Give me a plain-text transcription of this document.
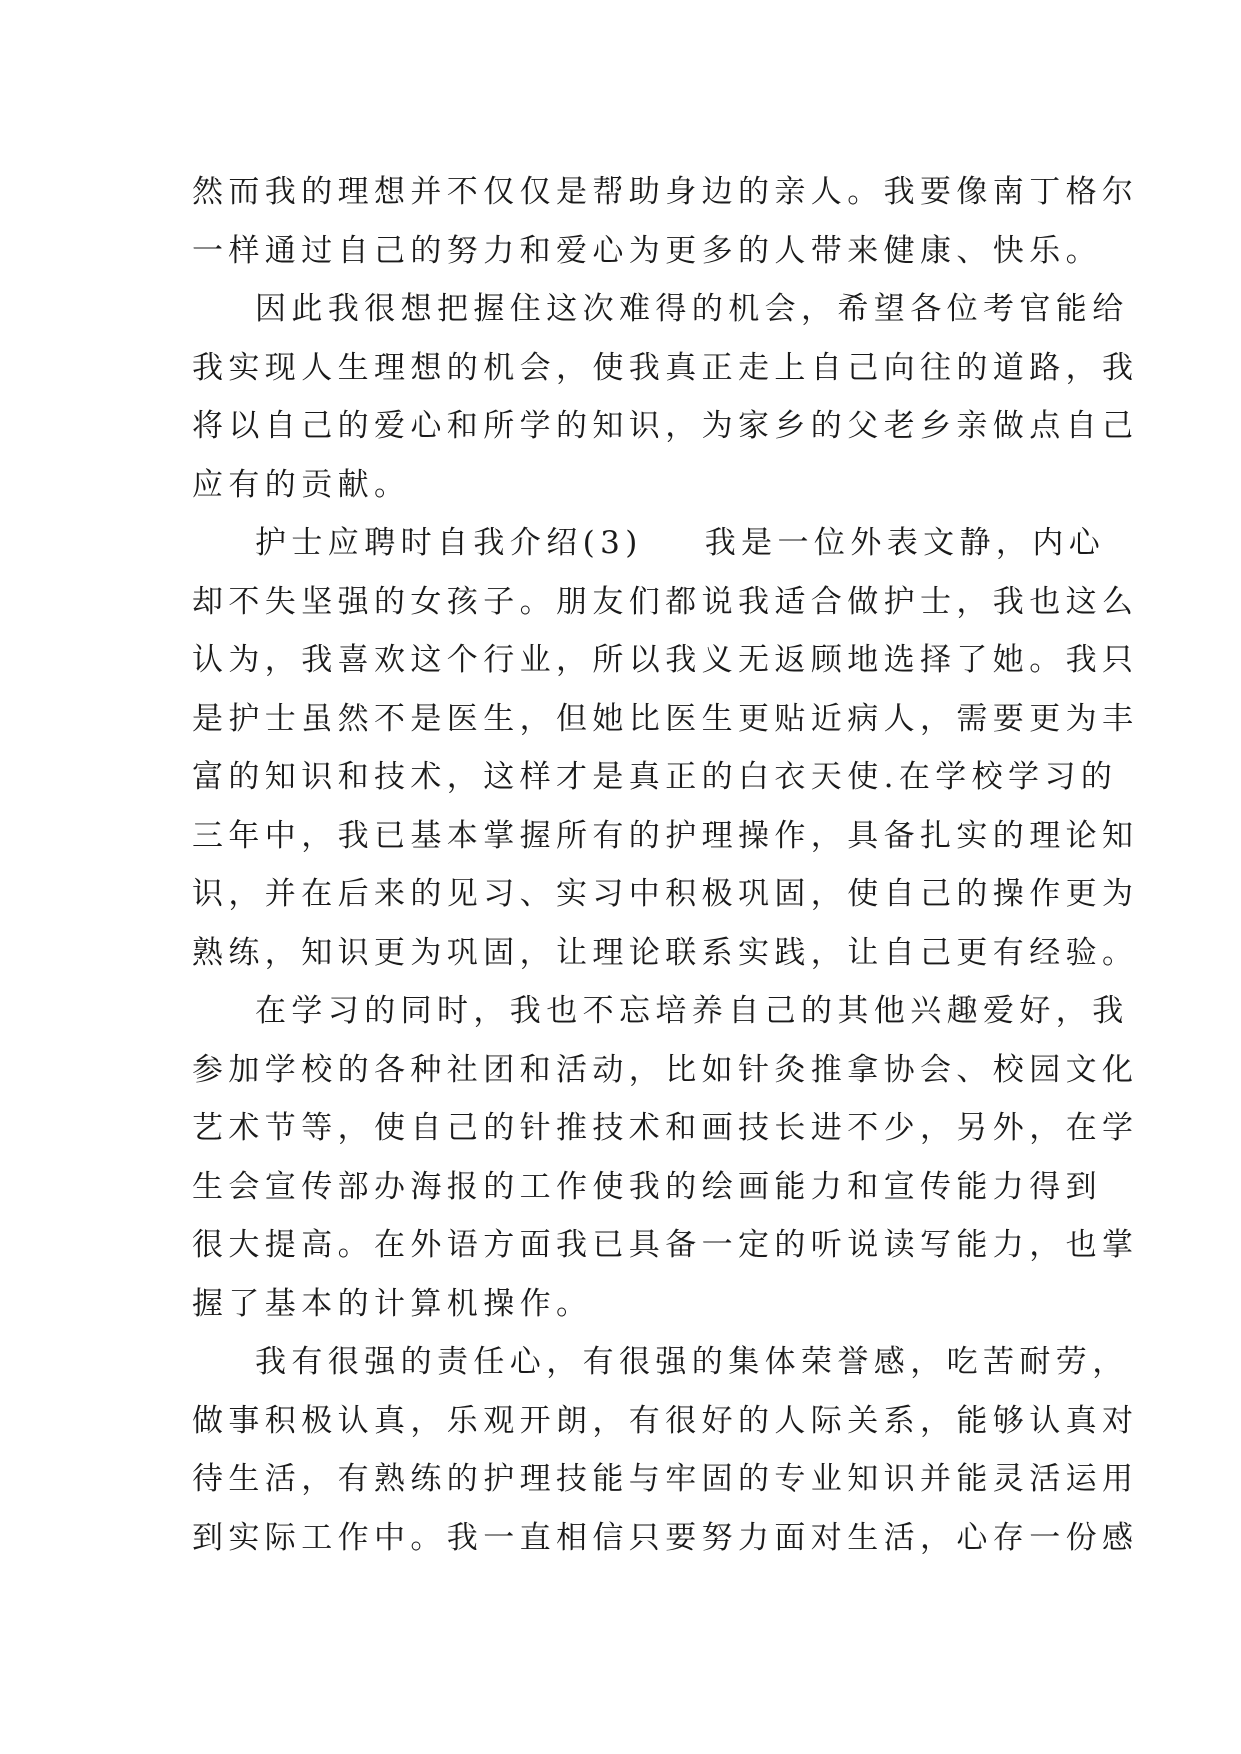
然而我的理想并不仅仅是帮助身边的亲人。我要像南丁格尔
一样通过自己的努力和爱心为更多的人带来健康、快乐。
因此我很想把握住这次难得的机会，希望各位考官能给
我实现人生理想的机会，使我真正走上自己向往的道路，我
将以自己的爱心和所学的知识，为家乡的父老乡亲做点自己
应有的贡献。
护士应聘时自我介绍(3) 我是一位外表文静，内心
却不失坚强的女孩子。朋友们都说我适合做护士，我也这么
认为，我喜欢这个行业，所以我义无返顾地选择了她。我只
是护士虽然不是医生，但她比医生更贴近病人，需要更为丰
富的知识和技术，这样才是真正的白衣天使.在学校学习的
三年中，我已基本掌握所有的护理操作，具备扎实的理论知
识，并在后来的见习、实习中积极巩固，使自己的操作更为
熟练，知识更为巩固，让理论联系实践，让自己更有经验。
在学习的同时，我也不忘培养自己的其他兴趣爱好，我
参加学校的各种社团和活动，比如针灸推拿协会、校园文化
艺术节等，使自己的针推技术和画技长进不少，另外，在学
生会宣传部办海报的工作使我的绘画能力和宣传能力得到
很大提高。在外语方面我已具备一定的听说读写能力，也掌
握了基本的计算机操作。
我有很强的责任心，有很强的集体荣誉感，吃苦耐劳，
做事积极认真，乐观开朗，有很好的人际关系，能够认真对
待生活，有熟练的护理技能与牢固的专业知识并能灵活运用
到实际工作中。我一直相信只要努力面对生活，心存一份感
